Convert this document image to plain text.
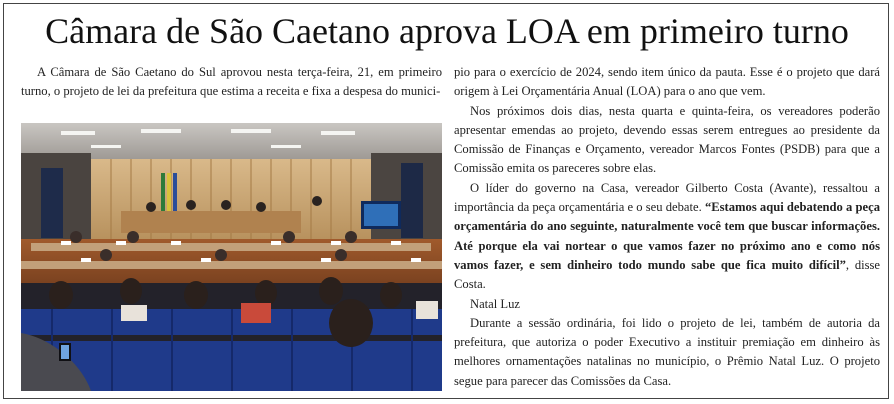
Câmara de São Caetano aprova LOA em primeiro turno

A Câmara de São Caetano do Sul aprovou nesta terça-feira, 21, em primeiro turno, o projeto de lei da prefeitura que estima a receita e fixa a despesa do munici-

pio para o exercício de 2024, sendo item único da pauta. Esse é o projeto que dará origem à Lei Orçamentária Anual (LOA) para o ano que vem.

Nos próximos dois dias, nesta quarta e quinta-feira, os vereadores poderão apresentar emendas ao projeto, devendo essas serem entregues ao presidente da Comissão de Finanças e Orçamento, vereador Marcos Fontes (PSDB) para que a Comissão emita os pareceres sobre elas.

O líder do governo na Casa, vereador Gilberto Costa (Avante), ressaltou a importância da peça orçamentária e o seu debate. “Estamos aqui debatendo a peça orçamentária do ano seguinte, naturalmente você tem que buscar informações. Até porque ela vai nortear o que vamos fazer no próximo ano e como nós vamos fazer, e sem dinheiro todo mundo sabe que fica muito difícil”, disse Costa.

Natal Luz

Durante a sessão ordinária, foi lido o projeto de lei, também de autoria da prefeitura, que autoriza o poder Executivo a instituir premiação em dinheiro às melhores ornamentações natalinas no município, o Prêmio Natal Luz. O projeto segue para parecer das Comissões da Casa.
